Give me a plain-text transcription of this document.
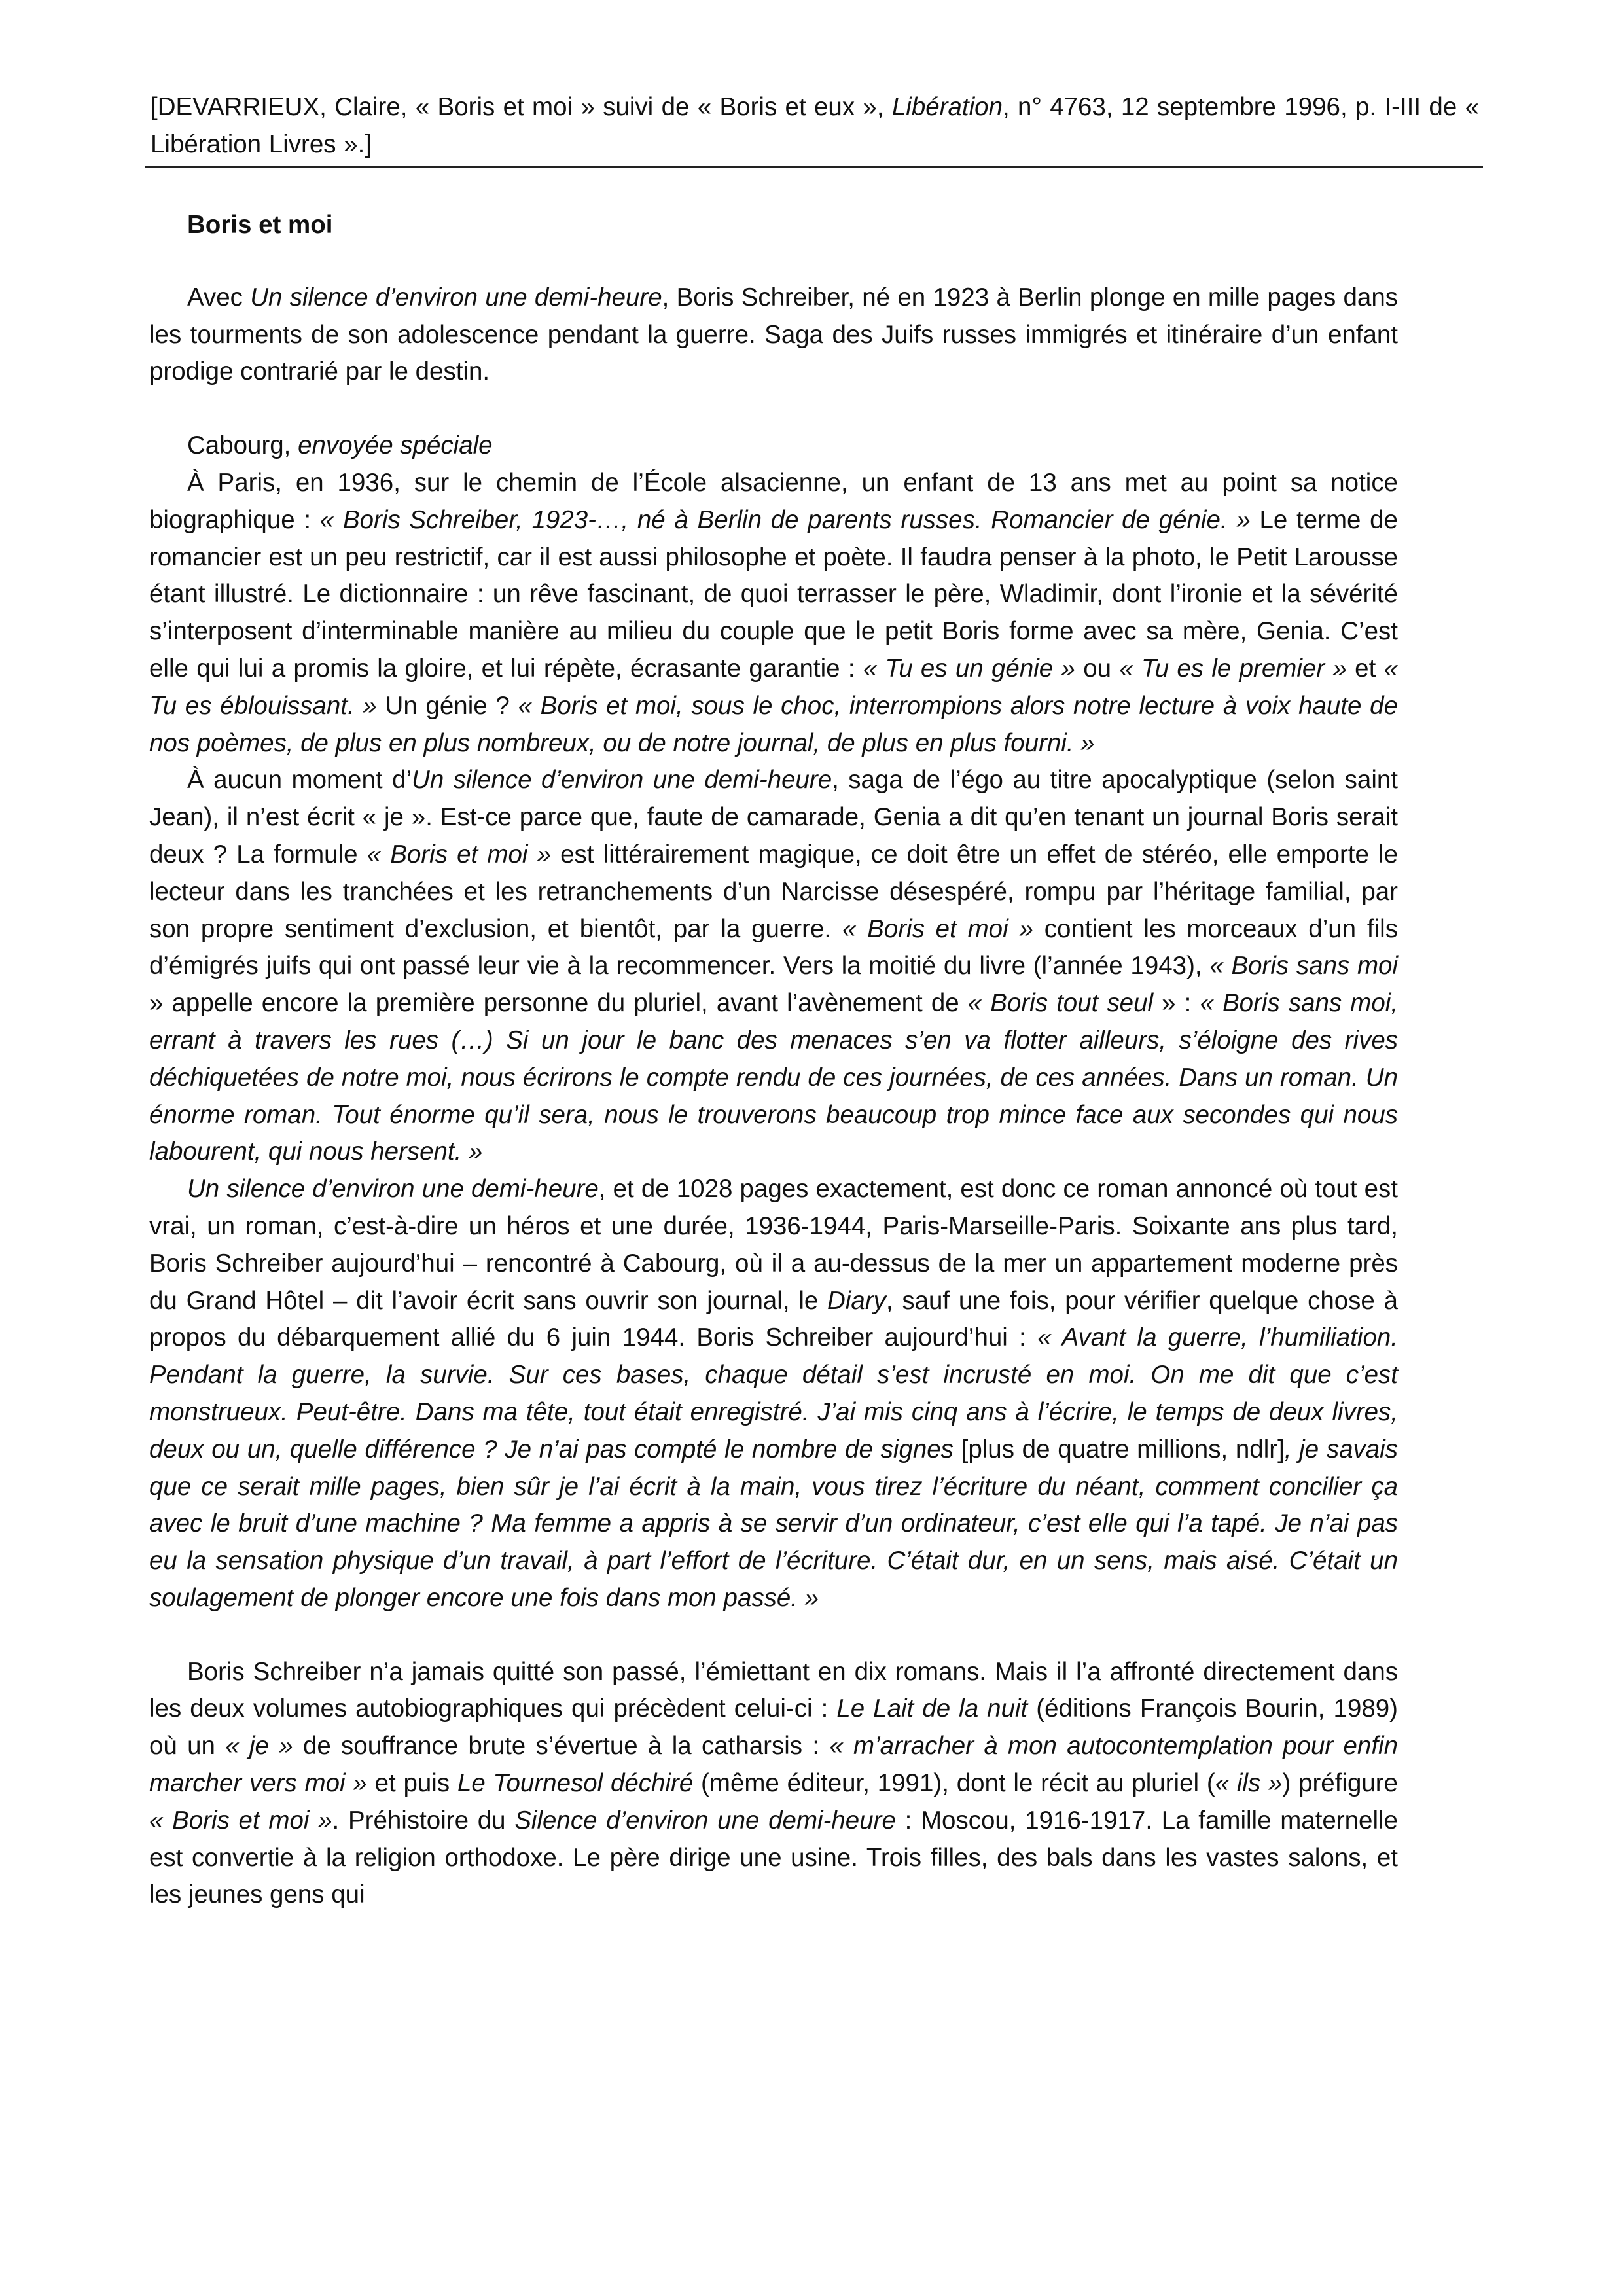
[DEVARRIEUX, Claire, « Boris et moi » suivi de « Boris et eux », Libération, n° 4763, 12 septembre 1996, p. I-III de « Libération Livres ».]
Boris et moi

Avec Un silence d’environ une demi-heure, Boris Schreiber, né en 1923 à Berlin plonge en mille pages dans les tourments de son adolescence pendant la guerre. Saga des Juifs russes immigrés et itinéraire d’un enfant prodige contrarié par le destin.

Cabourg, envoyée spéciale

À Paris, en 1936, sur le chemin de l’École alsacienne, un enfant de 13 ans met au point sa notice biographique : « Boris Schreiber, 1923-…, né à Berlin de parents russes. Romancier de génie. » Le terme de romancier est un peu restrictif, car il est aussi philosophe et poète. Il faudra penser à la photo, le Petit Larousse étant illustré. Le dictionnaire : un rêve fascinant, de quoi terrasser le père, Wladimir, dont l’ironie et la sévérité s’interposent d’interminable manière au milieu du couple que le petit Boris forme avec sa mère, Genia. C’est elle qui lui a promis la gloire, et lui répète, écrasante garantie : « Tu es un génie » ou « Tu es le premier » et « Tu es éblouissant. » Un génie ? « Boris et moi, sous le choc, interrompions alors notre lecture à voix haute de nos poèmes, de plus en plus nombreux, ou de notre journal, de plus en plus fourni. »

À aucun moment d’Un silence d’environ une demi-heure, saga de l’égo au titre apocalyptique (selon saint Jean), il n’est écrit « je ». Est-ce parce que, faute de camarade, Genia a dit qu’en tenant un journal Boris serait deux ? La formule « Boris et moi » est littérairement magique, ce doit être un effet de stéréo, elle emporte le lecteur dans les tranchées et les retranchements d’un Narcisse désespéré, rompu par l’héritage familial, par son propre sentiment d’exclusion, et bientôt, par la guerre. « Boris et moi » contient les morceaux d’un fils d’émigrés juifs qui ont passé leur vie à la recommencer. Vers la moitié du livre (l’année 1943), « Boris sans moi » appelle encore la première personne du pluriel, avant l’avènement de « Boris tout seul » : « Boris sans moi, errant à travers les rues (…) Si un jour le banc des menaces s’en va flotter ailleurs, s’éloigne des rives déchiquetées de notre moi, nous écrirons le compte rendu de ces journées, de ces années. Dans un roman. Un énorme roman. Tout énorme qu’il sera, nous le trouverons beaucoup trop mince face aux secondes qui nous labourent, qui nous hersent. »

Un silence d’environ une demi-heure, et de 1028 pages exactement, est donc ce roman annoncé où tout est vrai, un roman, c’est-à-dire un héros et une durée, 1936-1944, Paris-Marseille-Paris. Soixante ans plus tard, Boris Schreiber aujourd’hui – rencontré à Cabourg, où il a au-dessus de la mer un appartement moderne près du Grand Hôtel – dit l’avoir écrit sans ouvrir son journal, le Diary, sauf une fois, pour vérifier quelque chose à propos du débarquement allié du 6 juin 1944. Boris Schreiber aujourd’hui : « Avant la guerre, l’humiliation. Pendant la guerre, la survie. Sur ces bases, chaque détail s’est incrusté en moi. On me dit que c’est monstrueux. Peut-être. Dans ma tête, tout était enregistré. J’ai mis cinq ans à l’écrire, le temps de deux livres, deux ou un, quelle différence ? Je n’ai pas compté le nombre de signes [plus de quatre millions, ndlr], je savais que ce serait mille pages, bien sûr je l’ai écrit à la main, vous tirez l’écriture du néant, comment concilier ça avec le bruit d’une machine ? Ma femme a appris à se servir d’un ordinateur, c’est elle qui l’a tapé. Je n’ai pas eu la sensation physique d’un travail, à part l’effort de l’écriture. C’était dur, en un sens, mais aisé. C’était un soulagement de plonger encore une fois dans mon passé. »

Boris Schreiber n’a jamais quitté son passé, l’émiettant en dix romans. Mais il l’a affronté directement dans les deux volumes autobiographiques qui précèdent celui-ci : Le Lait de la nuit (éditions François Bourin, 1989) où un « je » de souffrance brute s’évertue à la catharsis : « m’arracher à mon autocontemplation pour enfin marcher vers moi » et puis Le Tournesol déchiré (même éditeur, 1991), dont le récit au pluriel (« ils ») préfigure « Boris et moi ». Préhistoire du Silence d’environ une demi-heure : Moscou, 1916-1917. La famille maternelle est convertie à la religion orthodoxe. Le père dirige une usine. Trois filles, des bals dans les vastes salons, et les jeunes gens qui
